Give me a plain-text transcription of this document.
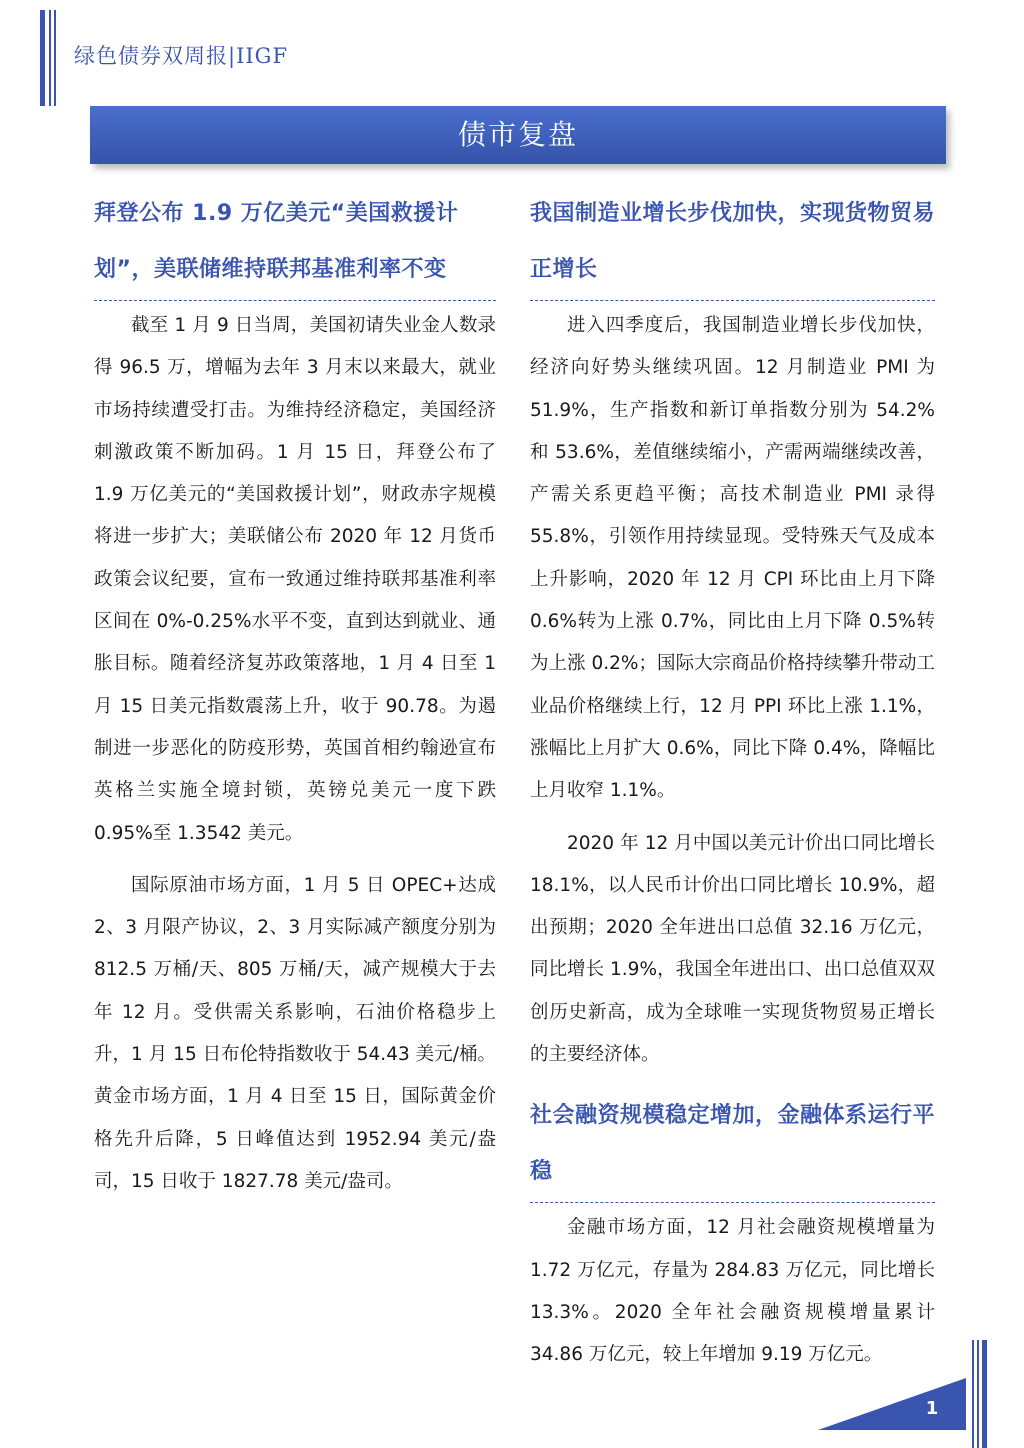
绿色债券双周报|IIGF
债市复盘
拜登公布 1.9 万亿美元“美国救援计划”，美联储维持联邦基准利率不变

截至 1 月 9 日当周，美国初请失业金人数录得 96.5 万，增幅为去年 3 月末以来最大，就业市场持续遭受打击。为维持经济稳定，美国经济刺激政策不断加码。1 月 15 日，拜登公布了 1.9 万亿美元的“美国救援计划”，财政赤字规模将进一步扩大；美联储公布 2020 年 12 月货币政策会议纪要，宣布一致通过维持联邦基准利率区间在 0%-0.25%水平不变，直到达到就业、通胀目标。随着经济复苏政策落地，1 月 4 日至 1 月 15 日美元指数震荡上升，收于 90.78。为遏制进一步恶化的防疫形势，英国首相约翰逊宣布英格兰实施全境封锁，英镑兑美元一度下跌 0.95%至 1.3542 美元。

国际原油市场方面，1 月 5 日 OPEC+达成 2、3 月限产协议，2、3 月实际减产额度分别为 812.5 万桶/天、805 万桶/天，减产规模大于去年 12 月。受供需关系影响，石油价格稳步上升，1 月 15 日布伦特指数收于 54.43 美元/桶。黄金市场方面，1 月 4 日至 15 日，国际黄金价格先升后降，5 日峰值达到 1952.94 美元/盎司，15 日收于 1827.78 美元/盎司。

我国制造业增长步伐加快，实现货物贸易正增长

进入四季度后，我国制造业增长步伐加快，经济向好势头继续巩固。12 月制造业 PMI 为 51.9%，生产指数和新订单指数分别为 54.2% 和 53.6%，差值继续缩小，产需两端继续改善，产需关系更趋平衡；高技术制造业 PMI 录得 55.8%，引领作用持续显现。受特殊天气及成本上升影响，2020 年 12 月 CPI 环比由上月下降 0.6%转为上涨 0.7%，同比由上月下降 0.5%转为上涨 0.2%；国际大宗商品价格持续攀升带动工业品价格继续上行，12 月 PPI 环比上涨 1.1%，涨幅比上月扩大 0.6%，同比下降 0.4%，降幅比上月收窄 1.1%。

2020 年 12 月中国以美元计价出口同比增长 18.1%，以人民币计价出口同比增长 10.9%，超出预期；2020 全年进出口总值 32.16 万亿元，同比增长 1.9%，我国全年进出口、出口总值双双创历史新高，成为全球唯一实现货物贸易正增长的主要经济体。

社会融资规模稳定增加，金融体系运行平稳

金融市场方面，12 月社会融资规模增量为 1.72 万亿元，存量为 284.83 万亿元，同比增长 13.3%。2020 全年社会融资规模增量累计 34.86 万亿元，较上年增加 9.19 万亿元。

1
